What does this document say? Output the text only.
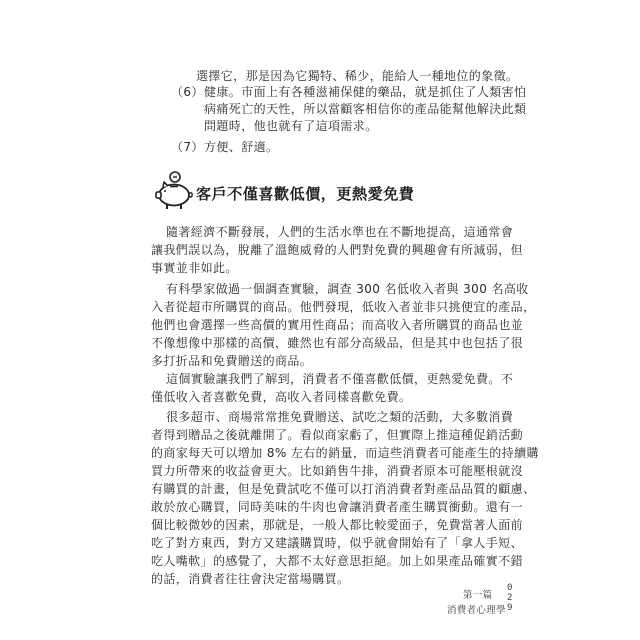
選擇它，那是因為它獨特、稀少，能給人一種地位的象徵。
（6） 健康。市面上有各種滋補保健的藥品，就是抓住了人類害怕
病痛死亡的天性，所以當顧客相信你的產品能幫他解決此類
問題時，他也就有了這項需求。
（7） 方便、舒適。
客戶不僅喜歡低價，更熱愛免費
隨著經濟不斷發展，人們的生活水準也在不斷地提高，這通常會
讓我們誤以為，脫離了溫飽威脅的人們對免費的興趣會有所減弱，但
事實並非如此。
有科學家做過一個調查實驗，調查 300 名低收入者與 300 名高收
入者從超市所購買的商品。他們發現，低收入者並非只挑便宜的產品，
他們也會選擇一些高價的實用性商品；而高收入者所購買的商品也並
不像想像中那樣的高價，雖然也有部分高級品，但是其中也包括了很
多打折品和免費贈送的商品。
這個實驗讓我們了解到，消費者不僅喜歡低價，更熱愛免費。不
僅低收入者喜歡免費，高收入者同樣喜歡免費。
很多超市、商場常常推免費贈送、試吃之類的活動，大多數消費
者得到贈品之後就離開了。看似商家虧了，但實際上推這種促銷活動
的商家每天可以增加 8% 左右的銷量，而這些消費者可能產生的持續購
買力所帶來的收益會更大。比如銷售牛排，消費者原本可能壓根就沒
有購買的計畫，但是免費試吃不僅可以打消消費者對產品品質的顧慮、
敢於放心購買，同時美味的牛肉也會讓消費者產生購買衝動。還有一
個比較微妙的因素，那就是，一般人都比較愛面子，免費當著人面前
吃了對方東西，對方又建議購買時，似乎就會開始有了「拿人手短、
吃人嘴軟」的感覺了，大都不太好意思拒絕。加上如果產品確實不錯
的話，消費者往往會決定當場購買。
第一篇
消費者心理學
0
2
9
